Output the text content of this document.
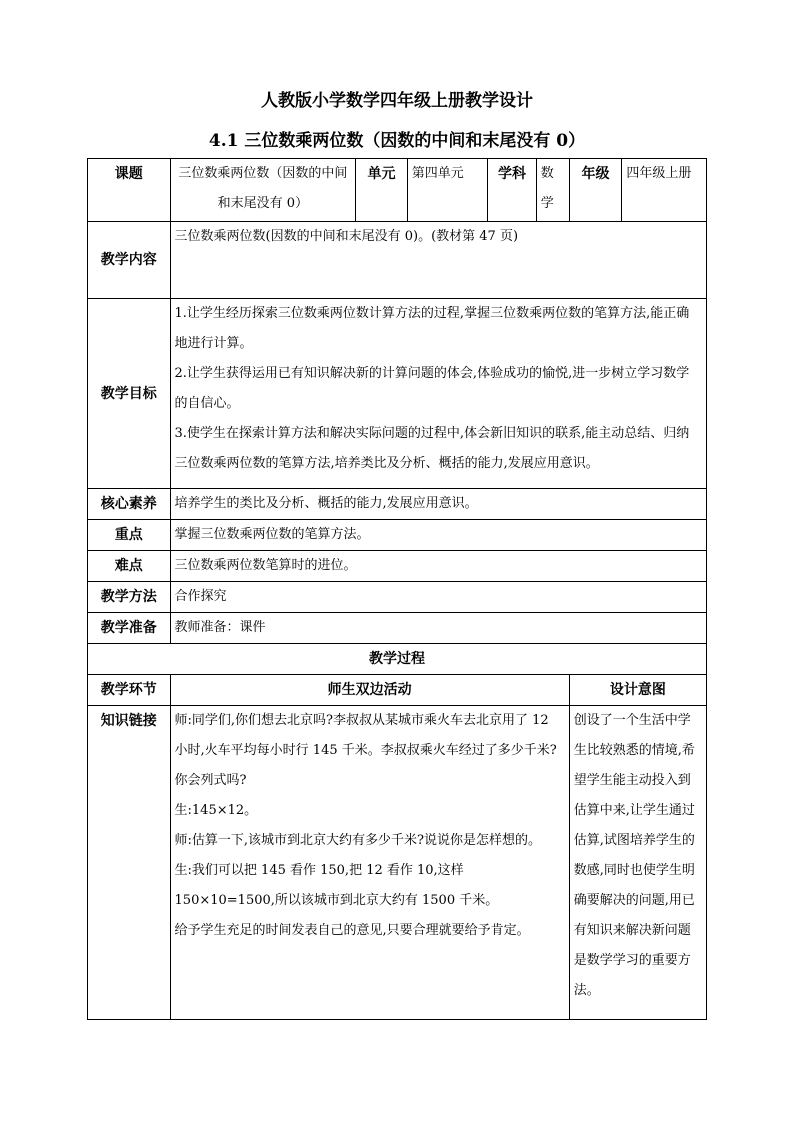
人教版小学数学四年级上册教学设计
4.1 三位数乘两位数（因数的中间和末尾没有 0）
课题	三位数乘两位数（因数的中间和末尾没有 0）	单元	第四单元	学科	数学	年级	四年级上册
教学内容	三位数乘两位数(因数的中间和末尾没有 0)。(教材第 47 页)						
教学目标	1.让学生经历探索三位数乘两位数计算方法的过程,掌握三位数乘两位数的笔算方法,能正确地进行计算。
2.让学生获得运用已有知识解决新的计算问题的体会,体验成功的愉悦,进一步树立学习数学的自信心。
3.使学生在探索计算方法和解决实际问题的过程中,体会新旧知识的联系,能主动总结、归纳三位数乘两位数的笔算方法,培养类比及分析、概括的能力,发展应用意识。						

核心素养	培养学生的类比及分析、概括的能力,发展应用意识。						
重点	掌握三位数乘两位数的笔算方法。						
难点	三位数乘两位数笔算时的进位。						
教学方法	合作探究						
教学准备	教师准备：课件						
教学过程							
教学环节	师生双边活动					设计意图	
知识链接	师:同学们,你们想去北京吗?李叔叔从某城市乘火车去北京用了 12 小时,火车平均每小时行 145 千米。李叔叔乘火车经过了多少千米?你会列式吗?
生:145×12。
师:估算一下,该城市到北京大约有多少千米?说说你是怎样想的。
生:我们可以把 145 看作 150,把 12 看作 10,这样 150×10=1500,所以该城市到北京大约有 1500 千米。
给予学生充足的时间发表自己的意见,只要合理就要给予肯定。					创设了一个生活中学生比较熟悉的情境,希望学生能主动投入到估算中来,让学生通过估算,试图培养学生的数感,同时也使学生明确要解决的问题,用已有知识来解决新问题是数学学习的重要方法。	
